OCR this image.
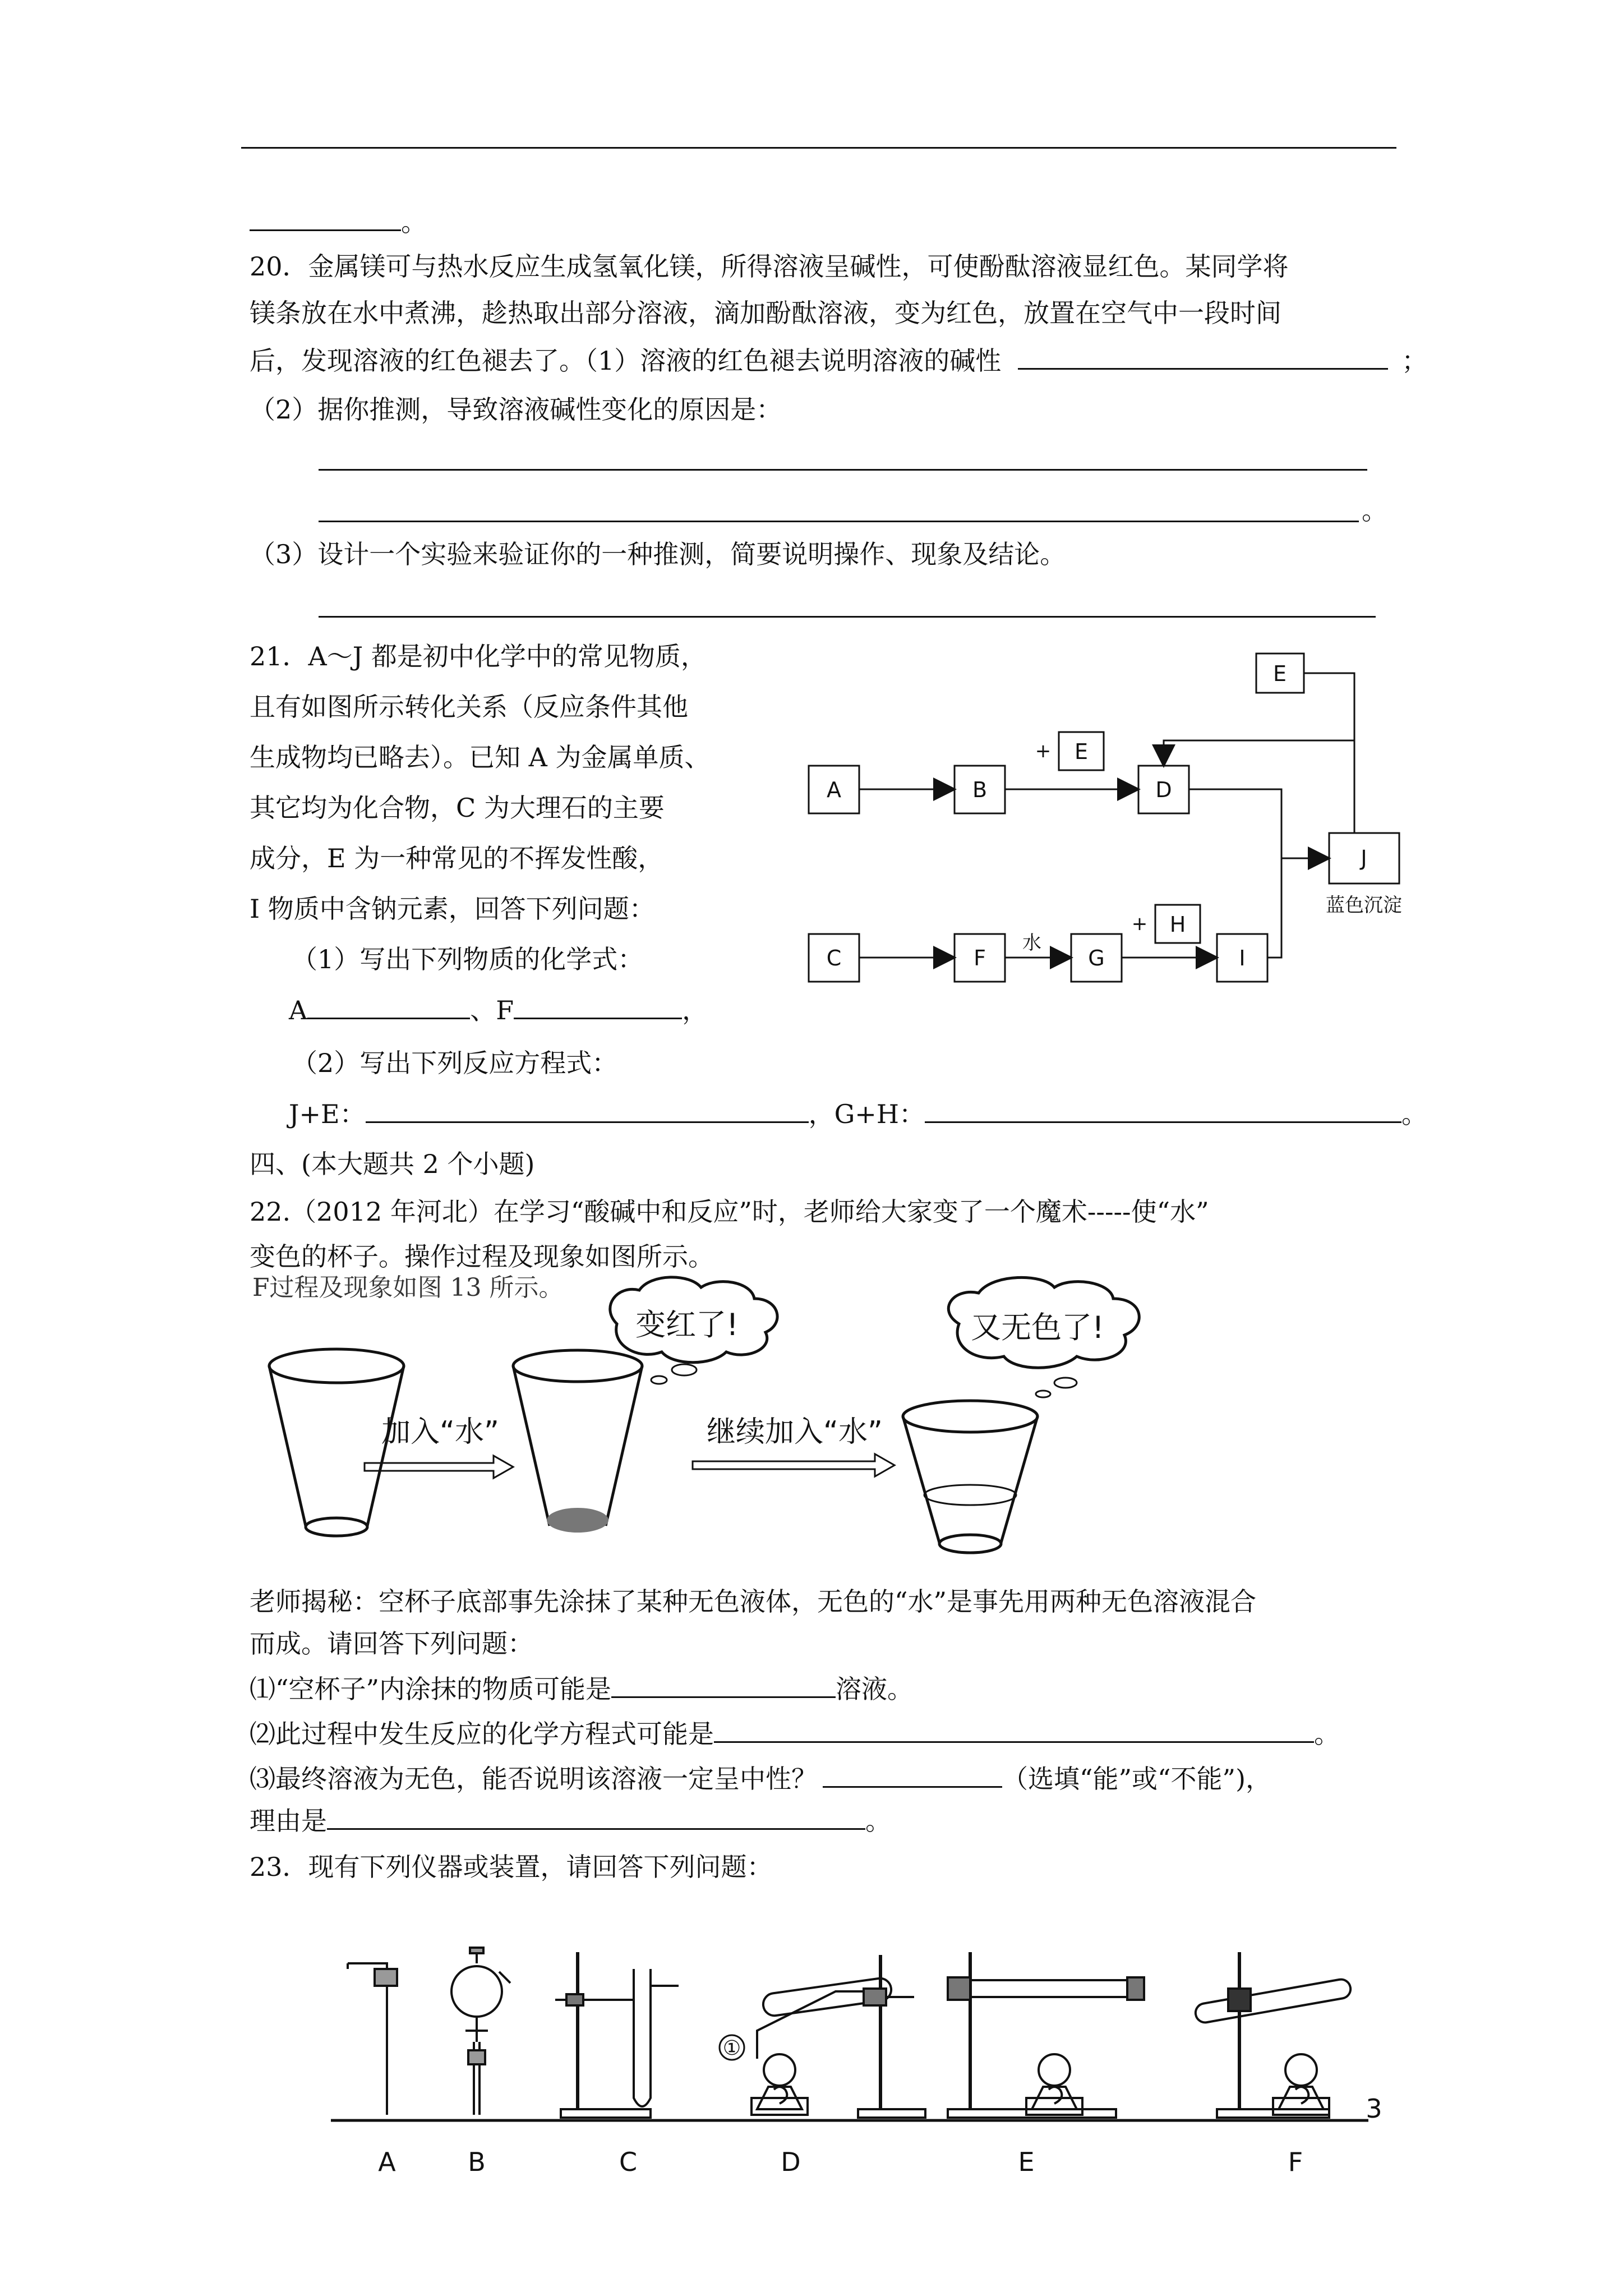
。
20．金属镁可与热水反应生成氢氧化镁，所得溶液呈碱性，可使酚酞溶液显红色。某同学将
镁条放在水中煮沸，趁热取出部分溶液，滴加酚酞溶液，变为红色，放置在空气中一段时间
后，发现溶液的红色褪去了。（1）溶液的红色褪去说明溶液的碱性	；
（2）据你推测，导致溶液碱性变化的原因是：
。
（3）设计一个实验来验证你的一种推测，简要说明操作、现象及结论。
21．A～J 都是初中化学中的常见物质，
且有如图所示转化关系（反应条件其他
生成物均已略去）。已知 A 为金属单质、
其它均为化合物，C 为大理石的主要
成分，E 为一种常见的不挥发性酸，
I 物质中含钠元素，回答下列问题：
（1）写出下列物质的化学式：
A	、F	，
（2）写出下列反应方程式：
J+E：	，G+H：	。
A	B	D
E
E
J
C	F	G
H
I
+
+
水
蓝色沉淀
四、(本大题共 2 个小题)
22.（2012 年河北）在学习“酸碱中和反应”时，老师给大家变了一个魔术-----使“水”
变色的杯子。操作过程及现象如图所示。
F过程及现象如图 13 所示。
变红了!	又无色了!
加入“水”	继续加入“水”
老师揭秘：空杯子底部事先涂抹了某种无色液体，无色的“水”是事先用两种无色溶液混合
而成。请回答下列问题：
⑴“空杯子”内涂抹的物质可能是	溶液。
⑵此过程中发生反应的化学方程式可能是	。
⑶最终溶液为无色，能否说明该溶液一定呈中性？	（选填“能”或“不能”)，
理由是	。
23．现有下列仪器或装置，请回答下列问题：
①
3
A	B	C	D	E	F
